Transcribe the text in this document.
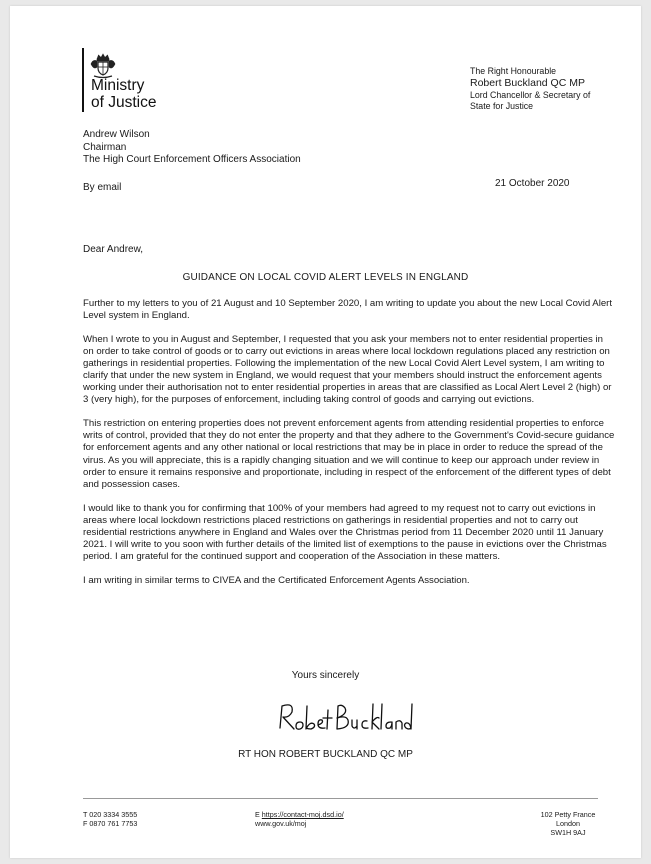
Ministry
of Justice
The Right Honourable
Robert Buckland QC MP
Lord Chancellor & Secretary of
State for Justice
Andrew Wilson
Chairman
The High Court Enforcement Officers Association
By email	21 October 2020
Dear Andrew,
GUIDANCE ON LOCAL COVID ALERT LEVELS IN ENGLAND

Further to my letters to you of 21 August and 10 September 2020, I am writing to update you about the new Local Covid Alert Level system in England.

When I wrote to you in August and September, I requested that you ask your members not to enter residential properties in on order to take control of goods or to carry out evictions in areas where local lockdown regulations placed any restriction on gatherings in residential properties. Following the implementation of the new Local Covid Alert Level system, I am writing to clarify that under the new system in England, we would request that your members should instruct the enforcement agents working under their authorisation not to enter residential properties in areas that are classified as Local Alert Level 2 (high) or 3 (very high), for the purposes of enforcement, including taking control of goods and carrying out evictions.

This restriction on entering properties does not prevent enforcement agents from attending residential properties to enforce writs of control, provided that they do not enter the property and that they adhere to the Government's Covid-secure guidance for enforcement agents and any other national or local restrictions that may be in place in order to reduce the spread of the virus. As you will appreciate, this is a rapidly changing situation and we will continue to keep our approach under review in order to ensure it remains responsive and proportionate, including in respect of the enforcement of the different types of debt and possession cases.

I would like to thank you for confirming that 100% of your members had agreed to my request not to carry out evictions in areas where local lockdown restrictions placed restrictions on gatherings in residential properties and not to carry out residential restrictions anywhere in England and Wales over the Christmas period from 11 December 2020 until 11 January 2021. I will write to you soon with further details of the limited list of exemptions to the pause in evictions over the Christmas period. I am grateful for the continued support and cooperation of the Association in these matters.

I am writing in similar terms to CIVEA and the Certificated Enforcement Agents Association.

Yours sincerely
RT HON ROBERT BUCKLAND QC MP
T 020 3334 3555
F 0870 761 7753
E https://contact-moj.dsd.io/
www.gov.uk/moj
102 Petty France
London
SW1H 9AJ
